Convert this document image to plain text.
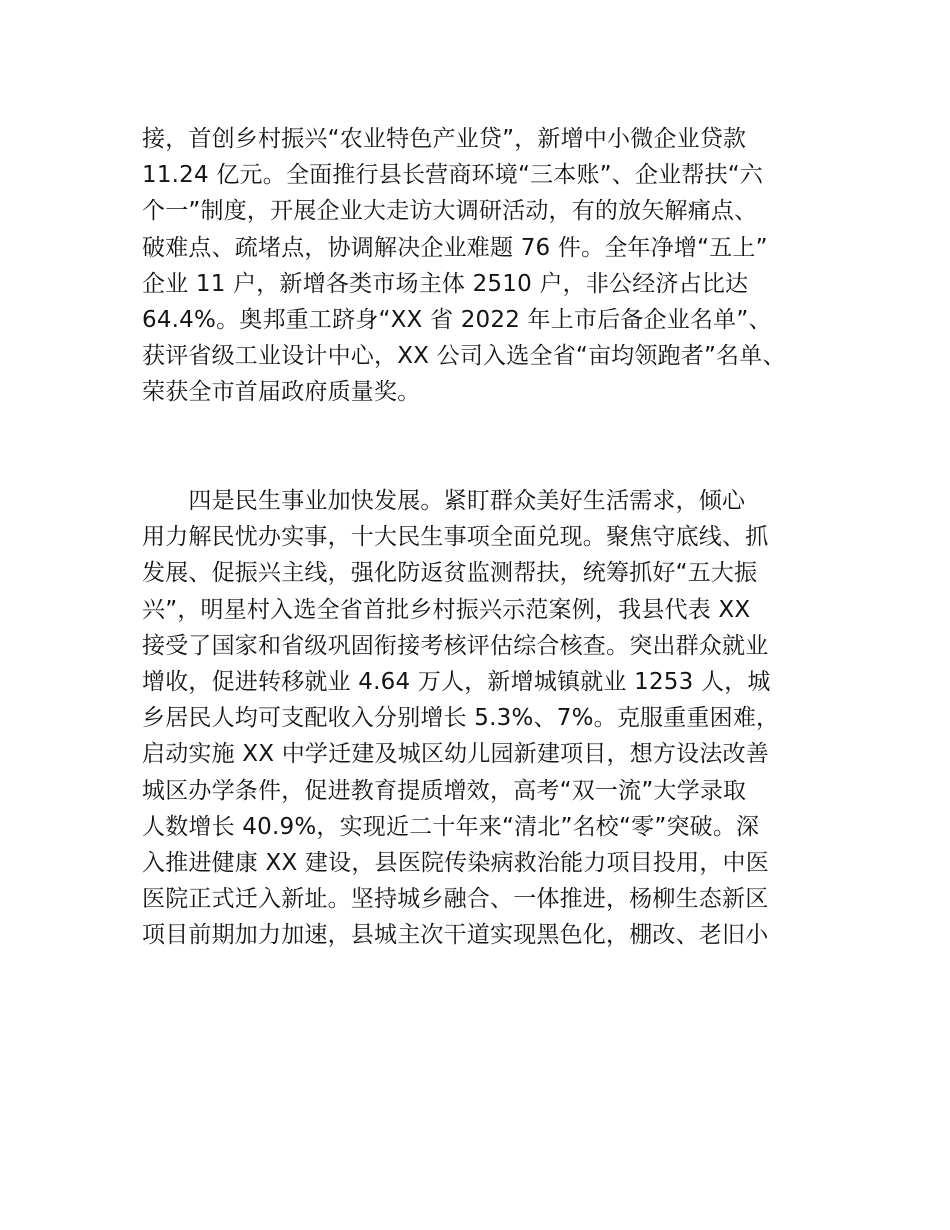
接，首创乡村振兴“农业特色产业贷”，新增中小微企业贷款
11.24 亿元。全面推行县长营商环境“三本账”、企业帮扶“六
个一”制度，开展企业大走访大调研活动，有的放矢解痛点、
破难点、疏堵点，协调解决企业难题 76 件。全年净增“五上”
企业 11 户，新增各类市场主体 2510 户，非公经济占比达
64.4%。奥邦重工跻身“XX 省 2022 年上市后备企业名单”、
获评省级工业设计中心，XX 公司入选全省“亩均领跑者”名单、
荣获全市首届政府质量奖。
　　四是民生事业加快发展。紧盯群众美好生活需求，倾心
用力解民忧办实事，十大民生事项全面兑现。聚焦守底线、抓
发展、促振兴主线，强化防返贫监测帮扶，统筹抓好“五大振
兴”，明星村入选全省首批乡村振兴示范案例，我县代表 XX
接受了国家和省级巩固衔接考核评估综合核查。突出群众就业
增收，促进转移就业 4.64 万人，新增城镇就业 1253 人，城
乡居民人均可支配收入分别增长 5.3%、7%。克服重重困难，
启动实施 XX 中学迁建及城区幼儿园新建项目，想方设法改善
城区办学条件，促进教育提质增效，高考“双一流”大学录取
人数增长 40.9%，实现近二十年来“清北”名校“零”突破。深
入推进健康 XX 建设，县医院传染病救治能力项目投用，中医
医院正式迁入新址。坚持城乡融合、一体推进，杨柳生态新区
项目前期加力加速，县城主次干道实现黑色化，棚改、老旧小
